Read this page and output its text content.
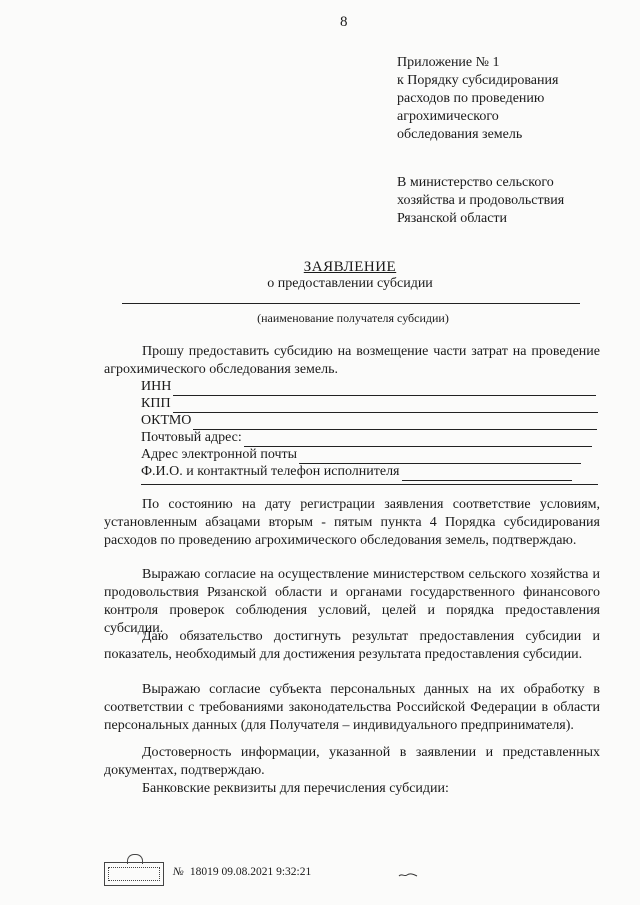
8
Приложение № 1
к Порядку субсидирования
расходов по проведению
агрохимического
обследования земель
В министерство сельского
хозяйства и продовольствия
Рязанской области
ЗАЯВЛЕНИЕ
о предоставлении субсидии
(наименование получателя субсидии)
Прошу предоставить субсидию на возмещение части затрат на проведение агрохимического обследования земель.
ИНН
КПП
ОКТМО
Почтовый адрес:
Адрес электронной почты
Ф.И.О. и контактный телефон исполнителя
По состоянию на дату регистрации заявления соответствие условиям, установленным абзацами вторым - пятым пункта 4 Порядка субсидирования расходов по проведению агрохимического обследования земель, подтверждаю.
Выражаю согласие на осуществление министерством сельского хозяйства и продовольствия Рязанской области и органами государственного финансового контроля проверок соблюдения условий, целей и порядка предоставления субсидии.
Даю обязательство достигнуть результат предоставления субсидии и показатель, необходимый для достижения результата предоставления субсидии.
Выражаю согласие субъекта персональных данных на их обработку в соответствии с требованиями законодательства Российской Федерации в области персональных данных (для Получателя – индивидуального предпринимателя).
Достоверность информации, указанной в заявлении и представленных документах, подтверждаю.
Банковские реквизиты для перечисления субсидии:
№ 18019 09.08.2021 9:32:21
